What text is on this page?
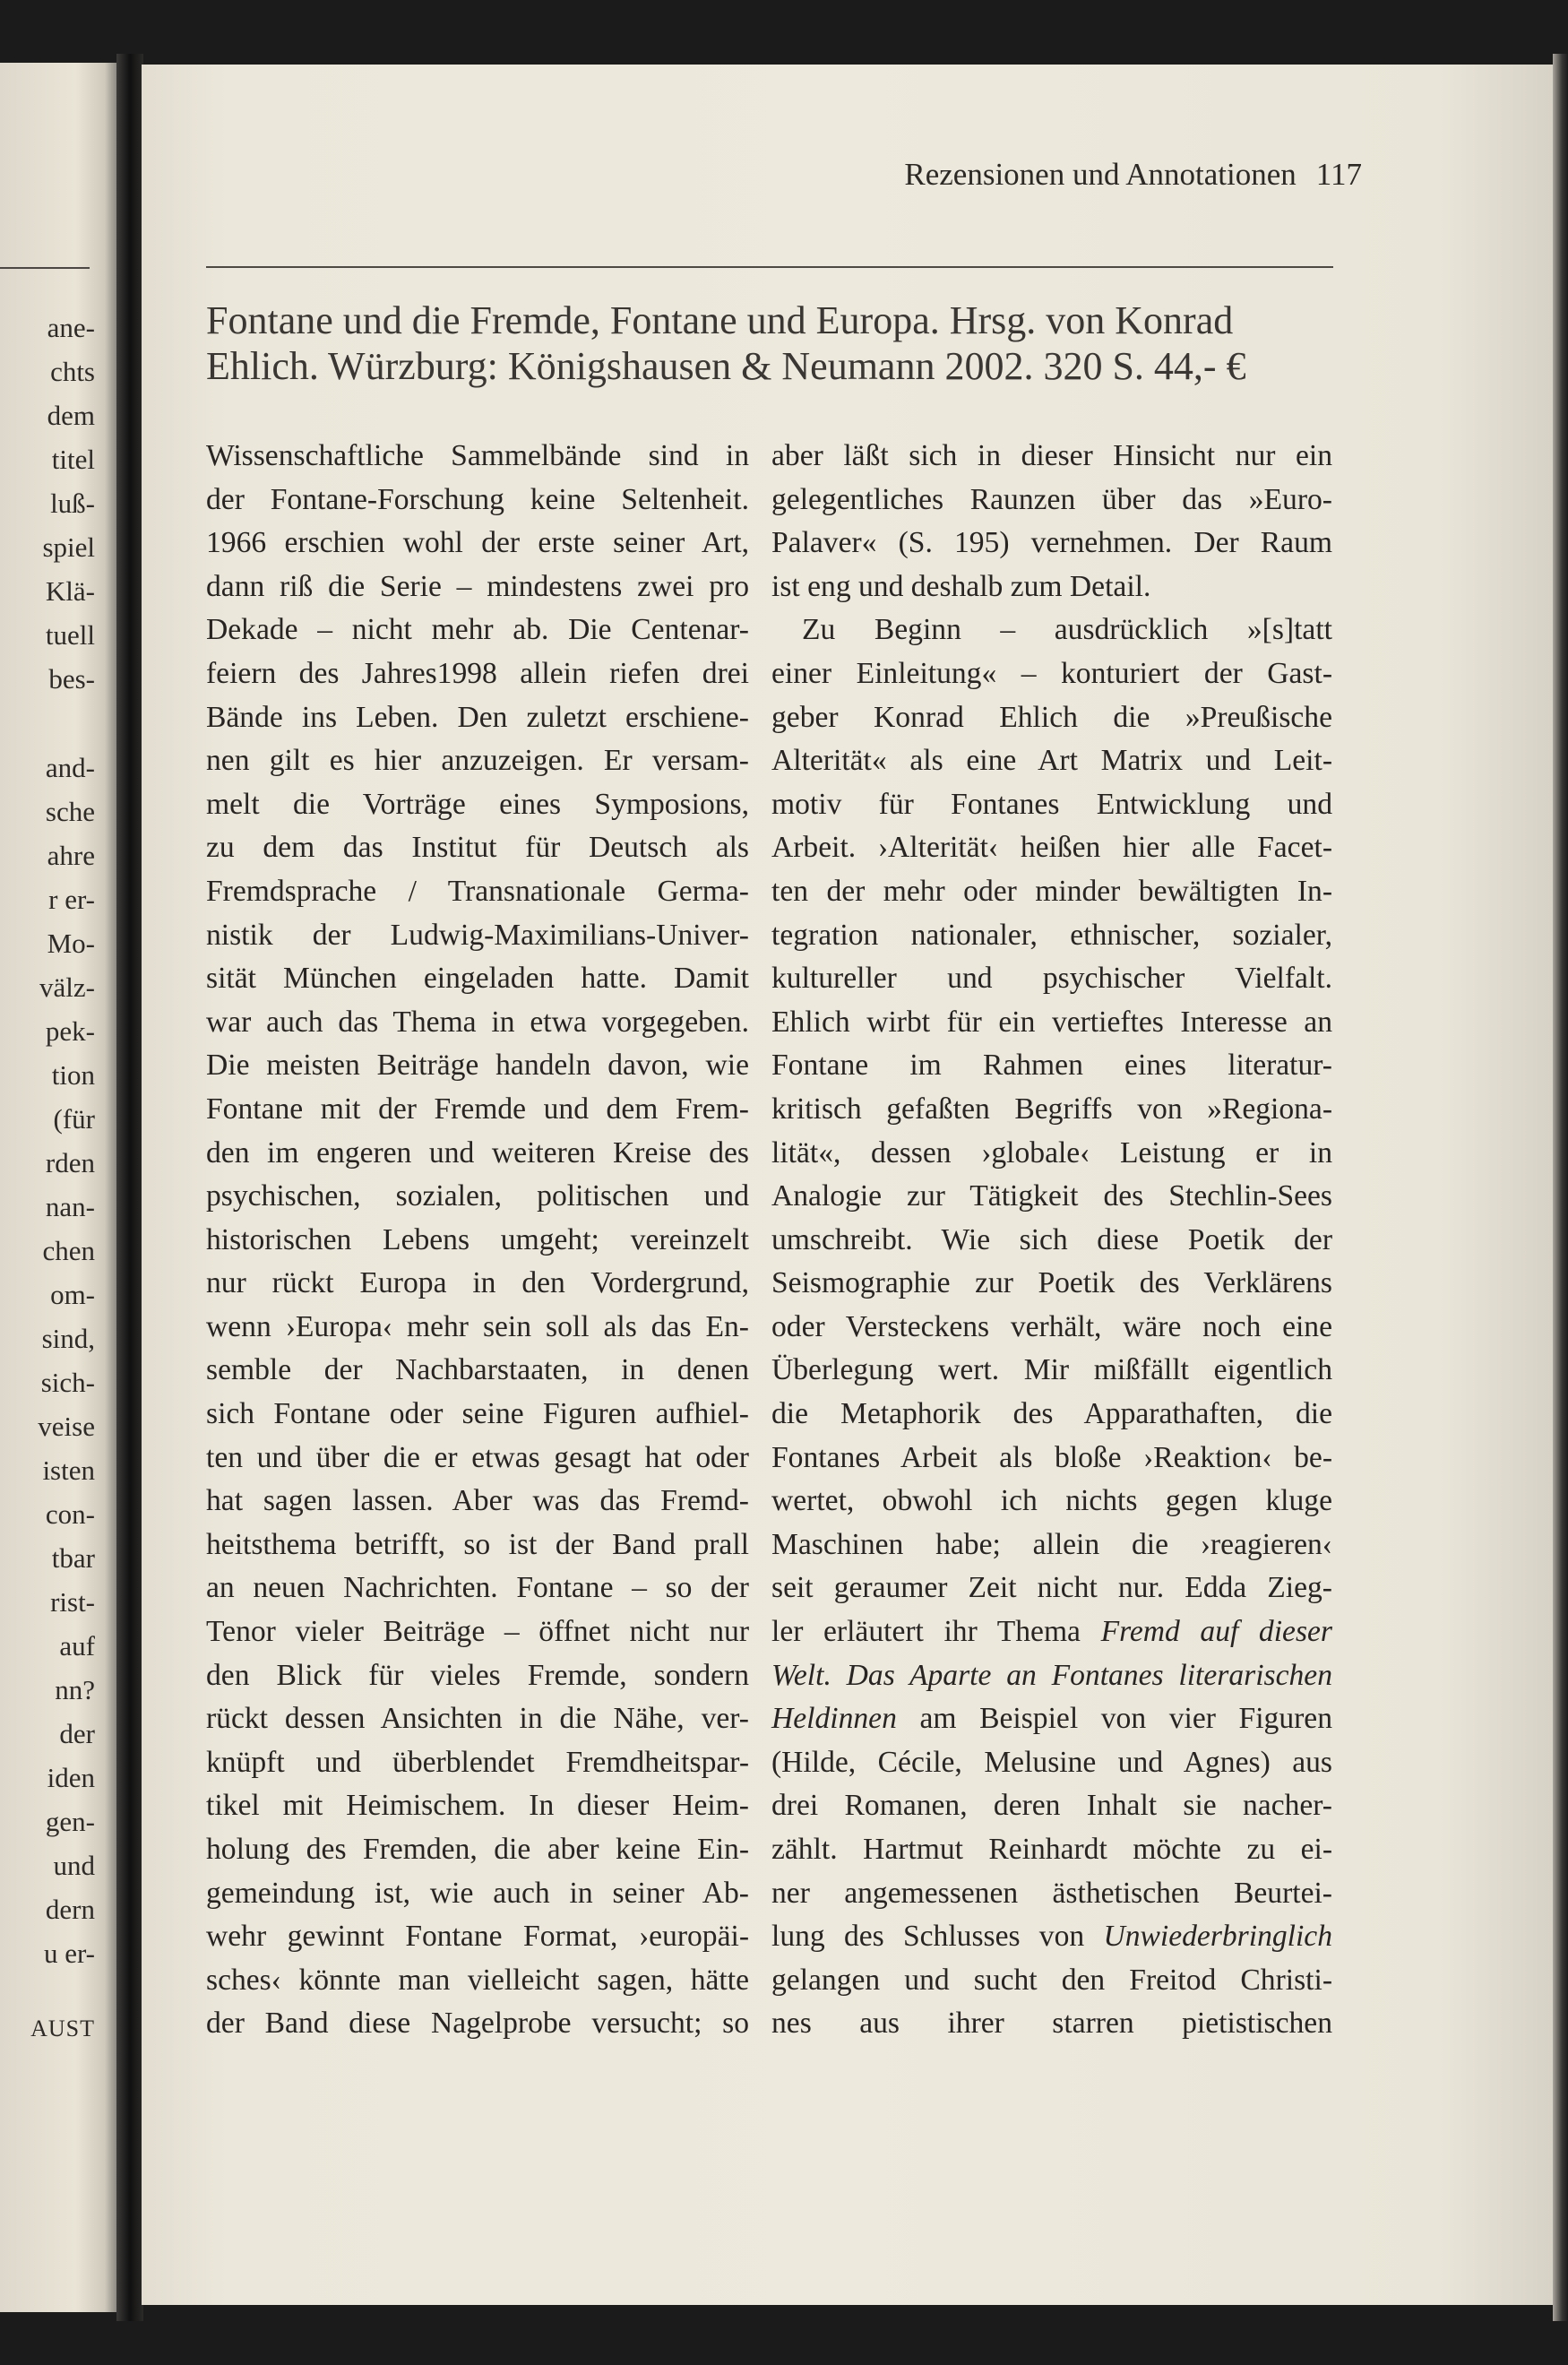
ane-
chts
dem
titel
luß-
spiel
Klä-
tuell
bes-
and-
sche
ahre
r er-
Mo-
välz-
pek-
tion
(für
rden
nan-
chen
om-
sind,
sich-
veise
isten
con-
tbar
rist-
auf
nn?
der
iden
gen-
und
dern
u er-
AUST
Rezensionen und Annotationen 117
Fontane und die Fremde, Fontane und Europa. Hrsg. von Konrad
Ehlich. Würzburg: Königshausen & Neumann 2002. 320 S. 44,- €
Wissenschaftliche Sammelbände sind in
der Fontane-Forschung keine Seltenheit.
1966 erschien wohl der erste seiner Art,
dann riß die Serie – mindestens zwei pro
Dekade – nicht mehr ab. Die Centenar-
feiern des Jahres1998 allein riefen drei
Bände ins Leben. Den zuletzt erschiene-
nen gilt es hier anzuzeigen. Er versam-
melt die Vorträge eines Symposions,
zu dem das Institut für Deutsch als
Fremdsprache / Transnationale Germa-
nistik der Ludwig-Maximilians-Univer-
sität München eingeladen hatte. Damit
war auch das Thema in etwa vorgegeben.
Die meisten Beiträge handeln davon, wie
Fontane mit der Fremde und dem Frem-
den im engeren und weiteren Kreise des
psychischen, sozialen, politischen und
historischen Lebens umgeht; vereinzelt
nur rückt Europa in den Vordergrund,
wenn ›Europa‹ mehr sein soll als das En-
semble der Nachbarstaaten, in denen
sich Fontane oder seine Figuren aufhiel-
ten und über die er etwas gesagt hat oder
hat sagen lassen. Aber was das Fremd-
heitsthema betrifft, so ist der Band prall
an neuen Nachrichten. Fontane – so der
Tenor vieler Beiträge – öffnet nicht nur
den Blick für vieles Fremde, sondern
rückt dessen Ansichten in die Nähe, ver-
knüpft und überblendet Fremdheitspar-
tikel mit Heimischem. In dieser Heim-
holung des Fremden, die aber keine Ein-
gemeindung ist, wie auch in seiner Ab-
wehr gewinnt Fontane Format, ›europäi-
sches‹ könnte man vielleicht sagen, hätte
der Band diese Nagelprobe versucht; so
aber läßt sich in dieser Hinsicht nur ein
gelegentliches Raunzen über das »Euro-
Palaver« (S. 195) vernehmen. Der Raum
ist eng und deshalb zum Detail.
Zu Beginn – ausdrücklich »[s]tatt
einer Einleitung« – konturiert der Gast-
geber Konrad Ehlich die »Preußische
Alterität« als eine Art Matrix und Leit-
motiv für Fontanes Entwicklung und
Arbeit. ›Alterität‹ heißen hier alle Facet-
ten der mehr oder minder bewältigten In-
tegration nationaler, ethnischer, sozialer,
kultureller und psychischer Vielfalt.
Ehlich wirbt für ein vertieftes Interesse an
Fontane im Rahmen eines literatur-
kritisch gefaßten Begriffs von »Regiona-
lität«, dessen ›globale‹ Leistung er in
Analogie zur Tätigkeit des Stechlin-Sees
umschreibt. Wie sich diese Poetik der
Seismographie zur Poetik des Verklärens
oder Versteckens verhält, wäre noch eine
Überlegung wert. Mir mißfällt eigentlich
die Metaphorik des Apparathaften, die
Fontanes Arbeit als bloße ›Reaktion‹ be-
wertet, obwohl ich nichts gegen kluge
Maschinen habe; allein die ›reagieren‹
seit geraumer Zeit nicht nur. Edda Zieg-
ler erläutert ihr Thema Fremd auf dieser
Welt. Das Aparte an Fontanes literarischen
Heldinnen am Beispiel von vier Figuren
(Hilde, Cécile, Melusine und Agnes) aus
drei Romanen, deren Inhalt sie nacher-
zählt. Hartmut Reinhardt möchte zu ei-
ner angemessenen ästhetischen Beurtei-
lung des Schlusses von Unwiederbringlich
gelangen und sucht den Freitod Christi-
nes aus ihrer starren pietistischen
